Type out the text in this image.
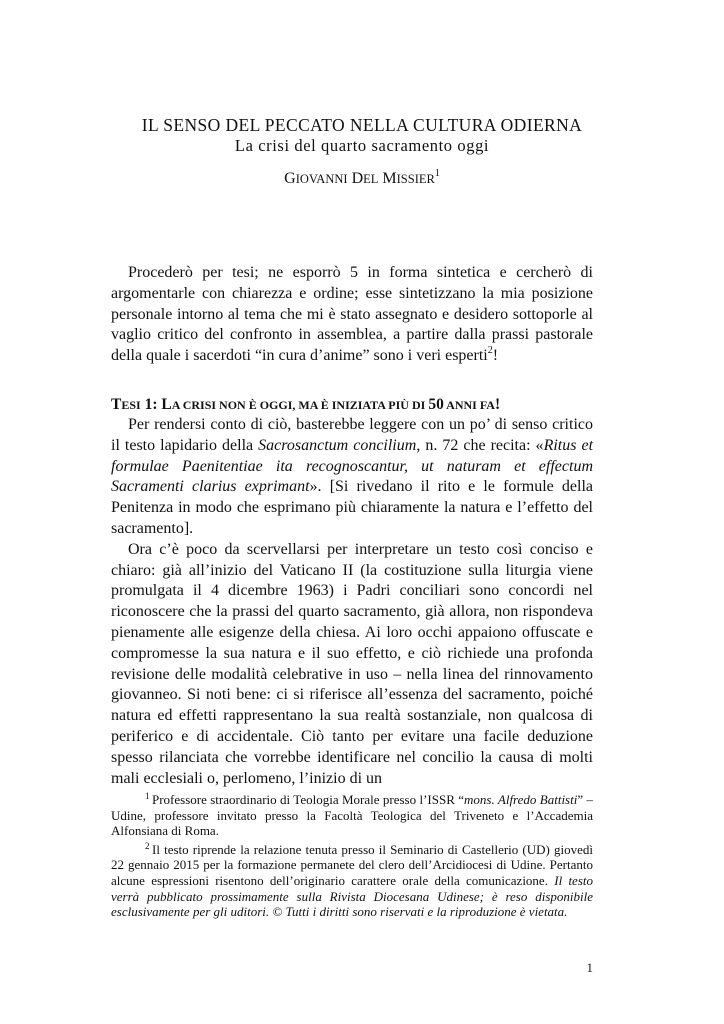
IL SENSO DEL PECCATO NELLA CULTURA ODIERNA
La crisi del quarto sacramento oggi
GIOVANNI DEL MISSIER$^1$

Procederò per tesi; ne esporrò 5 in forma sintetica e cercherò di argomentarle con chiarezza e ordine; esse sintetizzano la mia posizione personale intorno al tema che mi è stato assegnato e desidero sottoporle al vaglio critico del confronto in assemblea, a partire dalla prassi pastorale della quale i sacerdoti “in cura d’anime” sono i veri esperti$^2$!

TESI 1: LA CRISI NON È OGGI, MA È INIZIATA PIÙ DI 50 ANNI FA!

Per rendersi conto di ciò, basterebbe leggere con un po’ di senso critico il testo lapidario della Sacrosanctum concilium, n. 72 che recita: «Ritus et formulae Paenitentiae ita recognoscantur, ut naturam et effectum Sacramenti clarius exprimant». [Si rivedano il rito e le formule della Penitenza in modo che esprimano più chiaramente la natura e l’effetto del sacramento].

Ora c’è poco da scervellarsi per interpretare un testo così conciso e chiaro: già all’inizio del Vaticano II (la costituzione sulla liturgia viene promulgata il 4 dicembre 1963) i Padri conciliari sono concordi nel riconoscere che la prassi del quarto sacramento, già allora, non rispondeva pienamente alle esigenze della chiesa. Ai loro occhi appaiono offuscate e compromesse la sua natura e il suo effetto, e ciò richiede una profonda revisione delle modalità celebrative in uso – nella linea del rinnovamento giovanneo. Si noti bene: ci si riferisce all’essenza del sacramento, poiché natura ed effetti rappresentano la sua realtà sostanziale, non qualcosa di periferico e di accidentale. Ciò tanto per evitare una facile deduzione spesso rilanciata che vorrebbe identificare nel concilio la causa di molti mali ecclesiali o, perlomeno, l’inizio di un

1 Professore straordinario di Teologia Morale presso l’ISSR “mons. Alfredo Battisti” – Udine, professore invitato presso la Facoltà Teologica del Triveneto e l’Accademia Alfonsiana di Roma.

2 Il testo riprende la relazione tenuta presso il Seminario di Castellerio (UD) giovedì 22 gennaio 2015 per la formazione permanete del clero dell’Arcidiocesi di Udine. Pertanto alcune espressioni risentono dell’originario carattere orale della comunicazione. Il testo verrà pubblicato prossimamente sulla Rivista Diocesana Udinese; è reso disponibile esclusivamente per gli uditori. © Tutti i diritti sono riservati e la riproduzione è vietata.

1
